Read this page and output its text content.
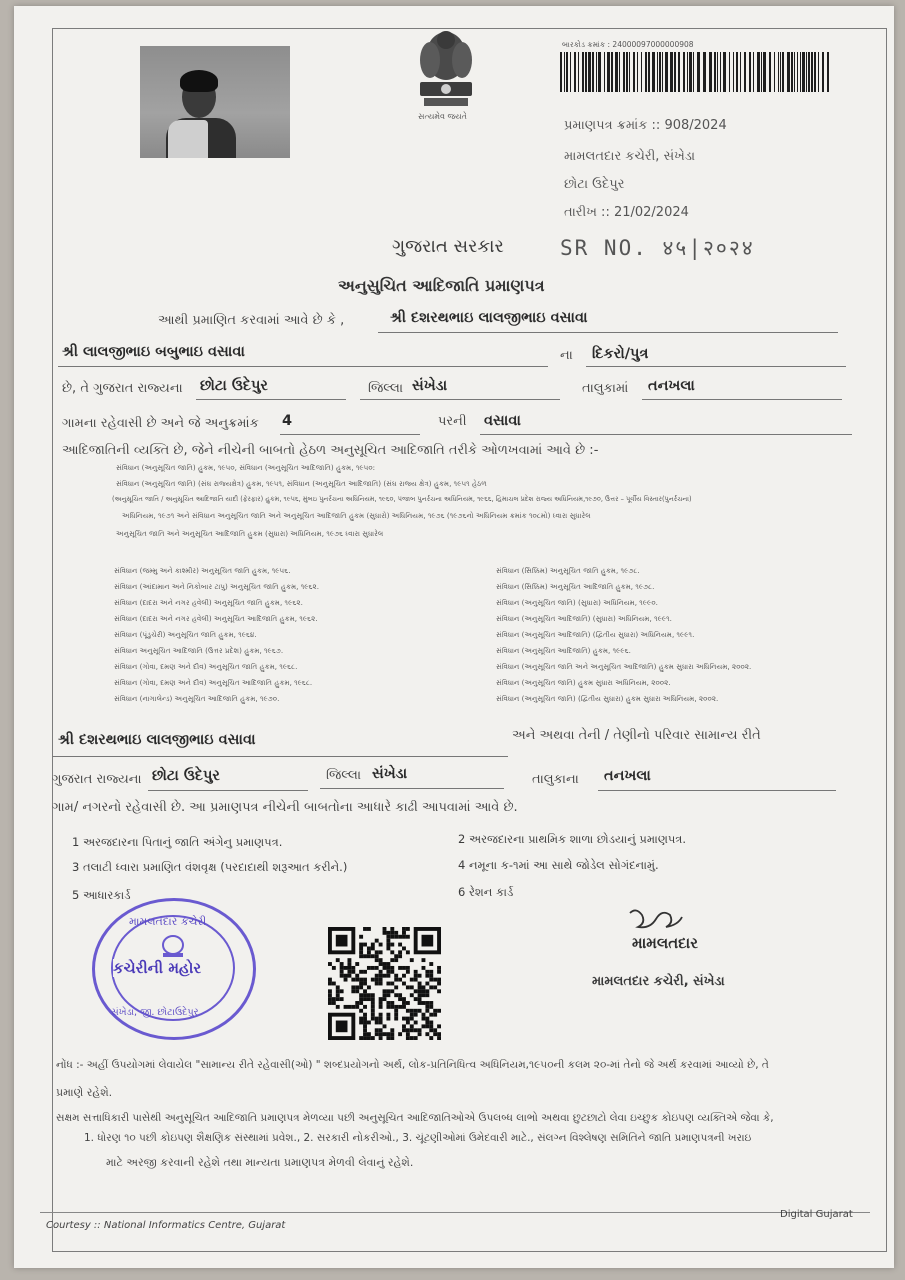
સત્યમેવ જયતે
બારકોડ ક્રમાંક : 24000097000000908
પ્રમાણપત્ર ક્રમાંક :: 908/2024
મામલતદાર કચેરી, સંખેડા
છોટા ઉદેપુર
તારીખ :: 21/02/2024
ગુજરાત સરકાર	SR NO. ४५|२०२४
અનુસુચિત આદિજાતિ પ્રમાણપત્ર
આથી પ્રમાણિત કરવામાં આવે છે કે ,	શ્રી દશરથભાઇ લાલજીભાઇ વસાવા
શ્રી લાલજીભાઇ બબુભાઇ વસાવા	ના દિકરો/પુત્ર
છે, તે ગુજરાત રાજ્યના છોટા ઉદેપુર	જિલ્લા સંખેડા	તાલુકામાં તનખલા
ગામના રહેવાસી છે અને જે અનુક્રમાંક 4	પરની વસાવા
આદિજાતિની વ્યક્તિ છે, જેને નીચેની બાબતો હેઠળ અનુસૂચિત આદિજાતિ તરીકે ઓળખવામાં આવે છે :-
સંવિધાન (અનુસૂચિત જાતિ) હુકમ, ૧૯૫૦, સંવિધાન (અનુસૂચિત આદિજાતિ) હુકમ, ૧૯૫૦:
સંવિધાન (અનુસૂચિત જાતિ) (સંઘ રાજ્યક્ષેત્ર) હુકમ, ૧૯૫૧, સંવિધાન (અનુસૂચિત આદિજાતિ) (સંઘ રાજ્ય ક્ષેત્ર) હુકમ, ૧૯૫૧ હેઠળ
(અનુસૂચિત જાતિ / અનુસૂચિત આદિજાતિ યાદી (ફેરફાર) હુકમ, ૧૯૫૬, મુંબઇ પુનર્રચના અધિનિયમ, ૧૯૬૦, પંજાબ પુનર્રચના અધિનિયમ, ૧૯૬૬, હિમાચલ પ્રદેશ રાજ્ય અધિનિયમ,૧૯૭૦, ઉત્તર – પૂર્વીય વિસ્તાર(પુનર્રચના)
અધિનિયમ, ૧૯૭૧ અને સંવિધાન અનુસૂચિત જાતિ અને અનુસૂચિત આદિજાતિ હુકમ (સુધારો) અધિનિયમ, ૧૯૭૬ (૧૯૭૬નો અધિનિયમ ક્રમાંક ૧૦૮મો) ધ્વારા સુધારેલ
અનુસૂચિત જાતિ અને અનુસૂચિત આદિજાતિ હુકમ (સુધારા) અધિનિયમ, ૧૯૭૬ ધ્વારા સુધારેલ
સંવિધાન (જમ્મુ અને કાશ્મીર) અનુસૂચિત જાતિ હુકમ, ૧૯૫૬.
સંવિધાન (આંદામાન અને નિકોબાર ટાપુ) અનુસૂચિત જાતિ હુકમ, ૧૯૬૨.
સંવિધાન (દાદરા અને નગર હવેલી) અનુસૂચિત જાતિ હુકમ, ૧૯૬૨.
સંવિધાન (દાદરા અને નગર હવેલી) અનુસૂચિત આદિજાતિ હુકમ, ૧૯૬૨.
સંવિધાન (પૂંડુચેરી) અનુસૂચિત જાતિ હુકમ, ૧૯૬૪.
સંવિધાન અનુસૂચિત આદિજાતિ (ઉત્તર પ્રદેશ) હુકમ, ૧૯૬૭.
સંવિધાન (ગોવા, દમણ અને દીવ) અનુસૂચિત જાતિ હુકમ, ૧૯૬૮.
સંવિધાન (ગોવા, દમણ અને દીવ) અનુસૂચિત આદિજાતિ હુકમ, ૧૯૬૮.
સંવિધાન (નાગાલેન્ડ) અનુસૂચિત આદિજાતિ હુકમ, ૧૯૭૦.
સંવિધાન (સિક્કિમ) અનુસૂચિત જાતિ હુકમ, ૧૯૭૮.
સંવિધાન (સિક્કિમ) અનુસૂચિત આદિજાતિ હુકમ, ૧૯૭૮.
સંવિધાન (અનુસૂચિત જાતિ) (સુધારા) અધિનિયમ, ૧૯૯૦.
સંવિધાન (અનુસૂચિત આદિજાતિ) (સુધારા) અધિનિયમ, ૧૯૯૧.
સંવિધાન (અનુસૂચિત આદિજાતિ) (દ્વિતીય સુધારા) અધિનિયમ, ૧૯૯૧.
સંવિધાન (અનુસૂચિત આદિજાતિ) હુકમ, ૧૯૯૬.
સંવિધાન (અનુસૂચિત જાતિ અને અનુસૂચિત આદિજાતિ) હુકમ સુધારા અધિનિયમ, ૨૦૦૨.
સંવિધાન (અનુસૂચિત જાતિ) હુકમ સુધારા અધિનિયમ, ૨૦૦૨.
સંવિધાન (અનુસૂચિત જાતિ) (દ્વિતીય સુધારા) હુકમ સુધારા અધિનિયમ, ૨૦૦૨.
શ્રી દશરથભાઇ લાલજીભાઇ વસાવા	અને અથવા તેની / તેણીનો પરિવાર સામાન્ય રીતે
ગુજરાત રાજ્યના છોટા ઉદેપુર	જિલ્લા સંખેડા	તાલુકાના તનખલા
ગામ/ નગરનો રહેવાસી છે. આ પ્રમાણપત્ર નીચેની બાબતોના આધારે કાઢી આપવામાં આવે છે.
1 અરજદારના પિતાનું જાતિ અંગેનુ પ્રમાણપત્ર.	2 અરજદારના પ્રાથમિક શાળા છોડયાનું પ્રમાણપત્ર.
3 તલાટી ધ્વારા પ્રમાણિત વંશવૃક્ષ (પરદાદાથી શરૂઆત કરીને.)	4 નમૂના ક-૧માં આ સાથે જોડેલ સોગંદનામું.
5 આધારકાર્ડ	6 રેશન કાર્ડ
મામલતદાર કચેરી
કચેરીની મહોર
સંખેડા, જી. છોટાઉદેપુર
મામલતદાર
મામલતદાર કચેરી, સંખેડા
નોંધ :- અહીં ઉપયોગમાં લેવાયેલ "સામાન્ય રીતે રહેવાસી(ઓ) " શબ્દપ્રયોગનો અર્થ, લોક-પ્રતિનિધિત્વ અધિનિયમ,૧૯૫૦ની કલમ ૨૦-માં તેનો જે અર્થ કરવામાં આવ્યો છે, તે
પ્રમાણે રહેશે.
સક્ષમ સત્તાધિકારી પાસેથી અનુસૂચિત આદિજાતિ પ્રમાણપત્ર મેળવ્યા પછી અનુસૂચિત આદિજાતિઓએ ઉપલબ્ધ લાભો અથવા છુટછાટો લેવા ઇચ્છુક કોઇપણ વ્યક્તિએ જેવા કે,
1. ધોરણ ૧૦ પછી કોઇપણ શૈક્ષણિક સંસ્થામાં પ્રવેશ., 2. સરકારી નોકરીઓ., 3. ચૂંટણીઓમાં ઉમેદવારી માટે., સંલગ્ન વિશ્લેષણ સમિતિને જાતિ પ્રમાણપત્રની ખરાઇ
માટે અરજી કરવાની રહેશે તથા માન્યતા પ્રમાણપત્ર મેળવી લેવાનું રહેશે.
Courtesy :: National Informatics Centre, Gujarat
Digital Gujarat
